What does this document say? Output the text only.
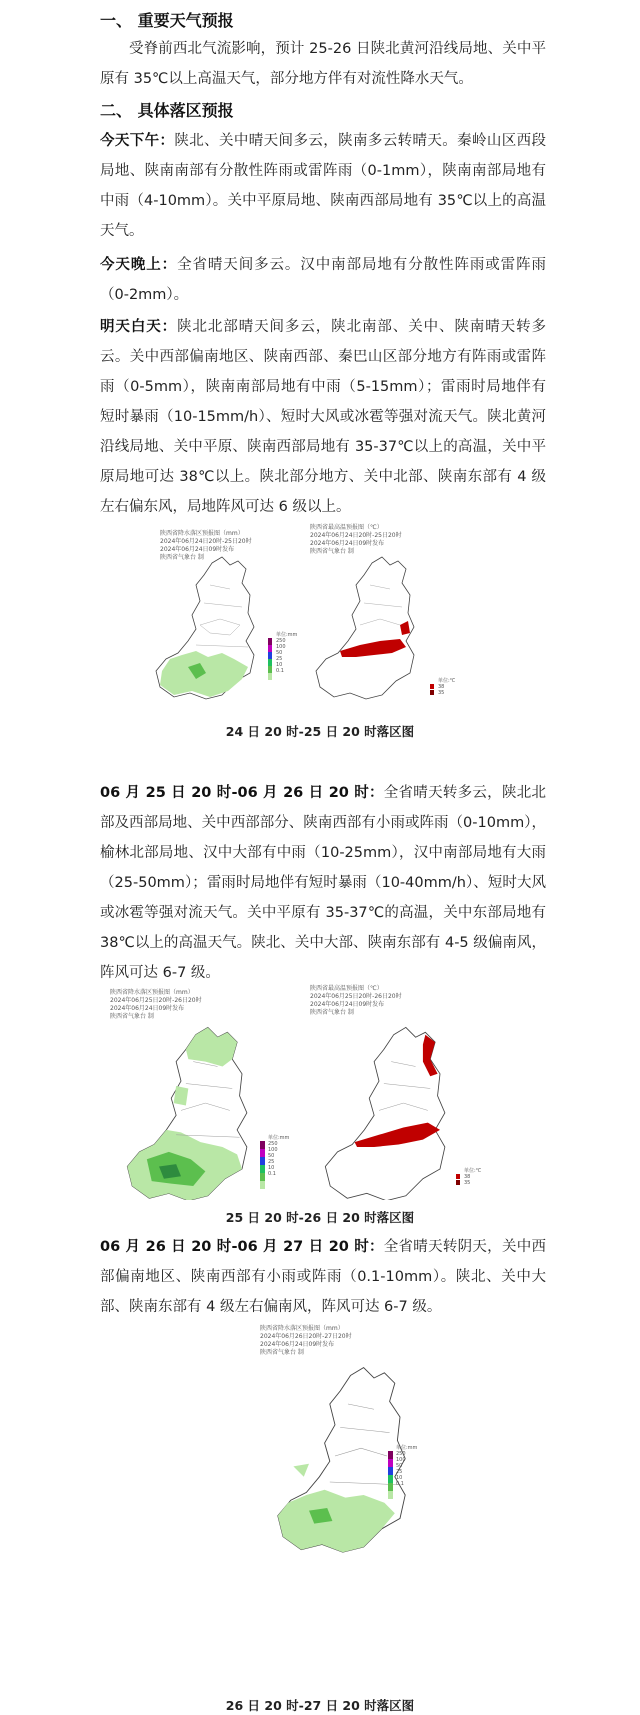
一、 重要天气预报

受脊前西北气流影响，预计 25-26 日陕北黄河沿线局地、关中平原有 35℃以上高温天气，部分地方伴有对流性降水天气。

二、 具体落区预报

今天下午：陕北、关中晴天间多云，陕南多云转晴天。秦岭山区西段局地、陕南南部有分散性阵雨或雷阵雨（0-1mm），陕南南部局地有中雨（4-10mm）。关中平原局地、陕南西部局地有 35℃以上的高温天气。

今天晚上：全省晴天间多云。汉中南部局地有分散性阵雨或雷阵雨（0-2mm）。

明天白天：陕北北部晴天间多云，陕北南部、关中、陕南晴天转多云。关中西部偏南地区、陕南西部、秦巴山区部分地方有阵雨或雷阵雨（0-5mm），陕南南部局地有中雨（5-15mm）；雷雨时局地伴有短时暴雨（10-15mm/h）、短时大风或冰雹等强对流天气。陕北黄河沿线局地、关中平原、陕南西部局地有 35-37℃以上的高温，关中平原局地可达 38℃以上。陕北部分地方、关中北部、陕南东部有 4 级左右偏东风，局地阵风可达 6 级以上。

陕西省降水落区预报图（mm）
2024年06月24日20时-25日20时
2024年06月24日09时发布
陕西省气象台 制
陕西省最高温预报图（℃）
2024年06月24日20时-25日20时
2024年06月24日09时发布
陕西省气象台 制
单位:mm
250
100
50
25
10
0.1
单位:℃
38
35
24 日 20 时-25 日 20 时落区图

06 月 25 日 20 时-06 月 26 日 20 时：全省晴天转多云，陕北北部及西部局地、关中西部部分、陕南西部有小雨或阵雨（0-10mm），榆林北部局地、汉中大部有中雨（10-25mm），汉中南部局地有大雨（25-50mm）；雷雨时局地伴有短时暴雨（10-40mm/h）、短时大风或冰雹等强对流天气。关中平原有 35-37℃的高温，关中东部局地有 38℃以上的高温天气。陕北、关中大部、陕南东部有 4-5 级偏南风，阵风可达 6-7 级。

陕西省降水落区预报图（mm）
2024年06月25日20时-26日20时
2024年06月24日09时发布
陕西省气象台 制
陕西省最高温预报图（℃）
2024年06月25日20时-26日20时
2024年06月24日09时发布
陕西省气象台 制
单位:mm
250
100
50
25
10
0.1	单位:℃
38
35
25 日 20 时-26 日 20 时落区图

06 月 26 日 20 时-06 月 27 日 20 时：全省晴天转阴天，关中西部偏南地区、陕南西部有小雨或阵雨（0.1-10mm）。陕北、关中大部、陕南东部有 4 级左右偏南风，阵风可达 6-7 级。

陕西省降水落区预报图（mm）
2024年06月26日20时-27日20时
2024年06月24日09时发布
陕西省气象台 制
单位:mm
250
100
50
25
10
0.1
26 日 20 时-27 日 20 时落区图
